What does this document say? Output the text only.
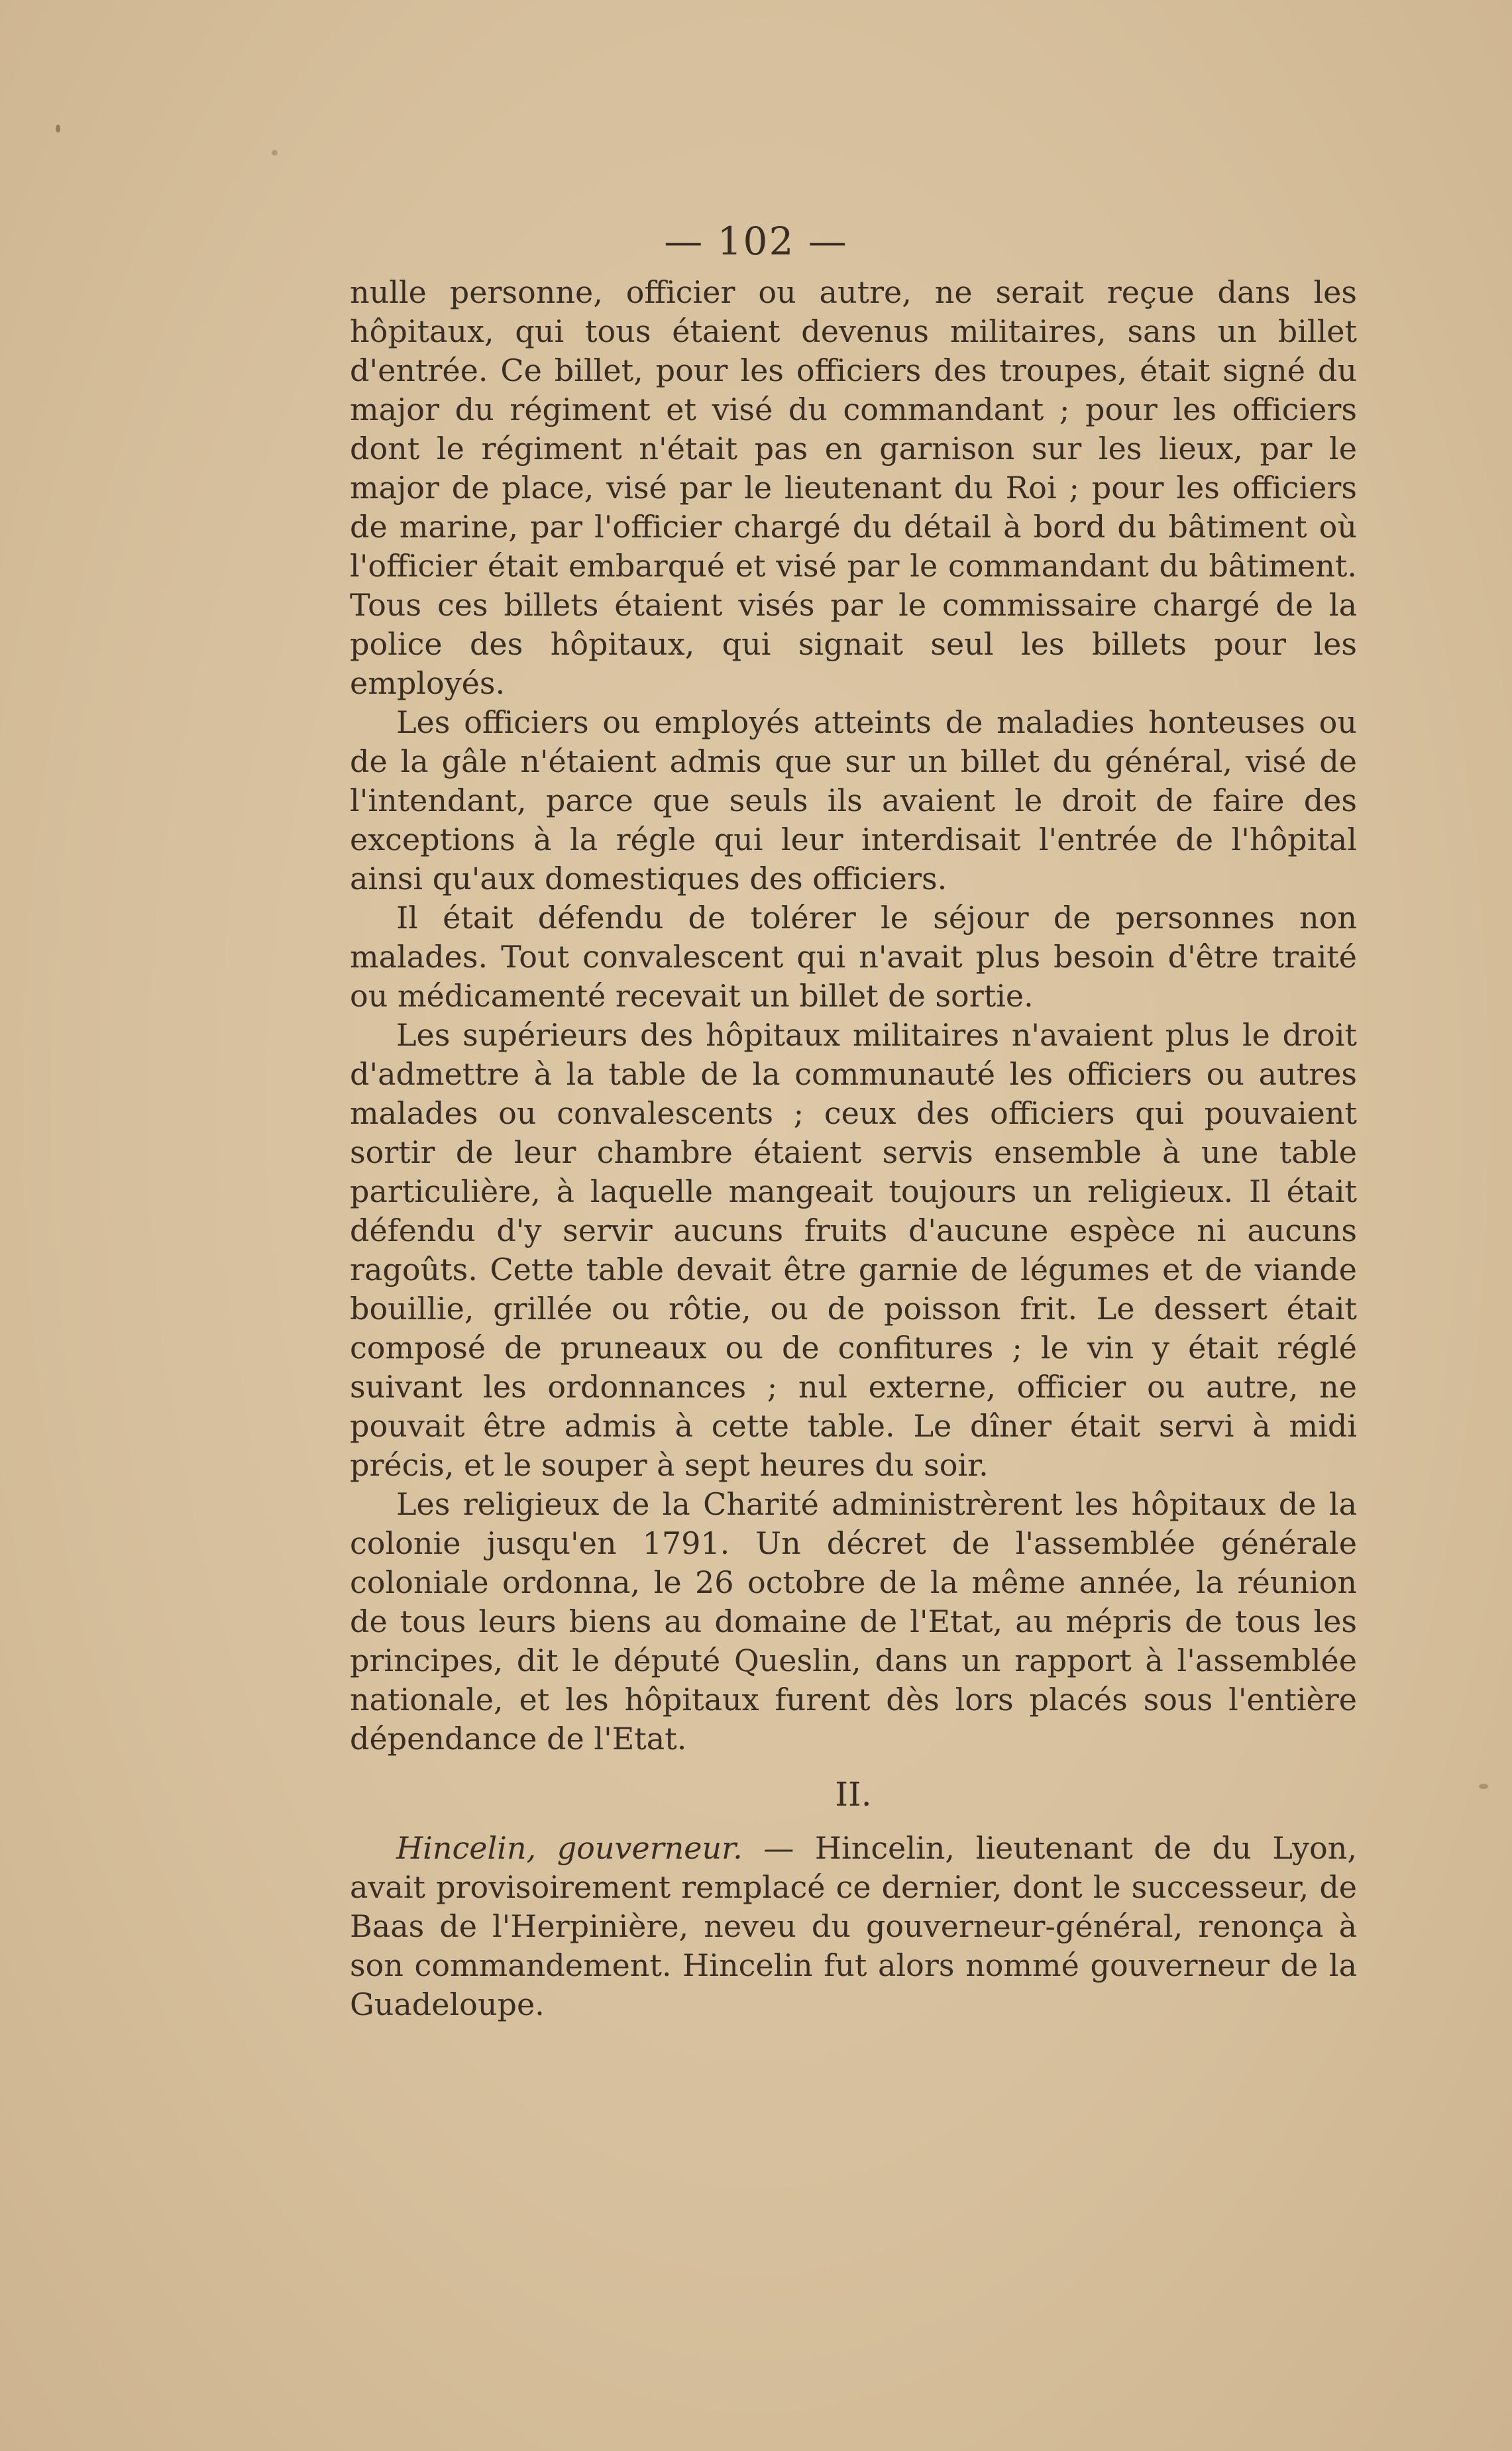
— 102 —

nulle personne, officier ou autre, ne serait reçue dans les hôpitaux, qui tous étaient devenus militaires, sans un billet d'entrée. Ce billet, pour les officiers des troupes, était signé du major du régiment et visé du commandant ; pour les officiers dont le régiment n'était pas en garnison sur les lieux, par le major de place, visé par le lieutenant du Roi ; pour les officiers de marine, par l'officier chargé du détail à bord du bâtiment où l'officier était embarqué et visé par le commandant du bâtiment. Tous ces billets étaient visés par le commissaire chargé de la police des hôpitaux, qui signait seul les billets pour les employés.

Les officiers ou employés atteints de maladies honteuses ou de la gâle n'étaient admis que sur un billet du général, visé de l'intendant, parce que seuls ils avaient le droit de faire des exceptions à la régle qui leur interdisait l'entrée de l'hôpital ainsi qu'aux domestiques des officiers.

Il était défendu de tolérer le séjour de personnes non malades. Tout convalescent qui n'avait plus besoin d'être traité ou médicamenté recevait un billet de sortie.

Les supérieurs des hôpitaux militaires n'avaient plus le droit d'admettre à la table de la communauté les officiers ou autres malades ou convalescents ; ceux des officiers qui pouvaient sortir de leur chambre étaient servis ensemble à une table particulière, à laquelle mangeait toujours un religieux. Il était défendu d'y servir aucuns fruits d'aucune espèce ni aucuns ragoûts. Cette table devait être garnie de légumes et de viande bouillie, grillée ou rôtie, ou de poisson frit. Le dessert était composé de pruneaux ou de confitures ; le vin y était réglé suivant les ordonnances ; nul externe, officier ou autre, ne pouvait être admis à cette table. Le dîner était servi à midi précis, et le souper à sept heures du soir.

Les religieux de la Charité administrèrent les hôpitaux de la colonie jusqu'en 1791. Un décret de l'assemblée générale coloniale ordonna, le 26 octobre de la même année, la réunion de tous leurs biens au domaine de l'Etat, au mépris de tous les principes, dit le député Queslin, dans un rapport à l'assemblée nationale, et les hôpitaux furent dès lors placés sous l'entière dépendance de l'Etat.

II.

Hincelin, gouverneur. — Hincelin, lieutenant de du Lyon, avait provisoirement remplacé ce dernier, dont le successeur, de Baas de l'Herpinière, neveu du gouverneur-général, renonça à son commandement. Hincelin fut alors nommé gouverneur de la Guadeloupe.
